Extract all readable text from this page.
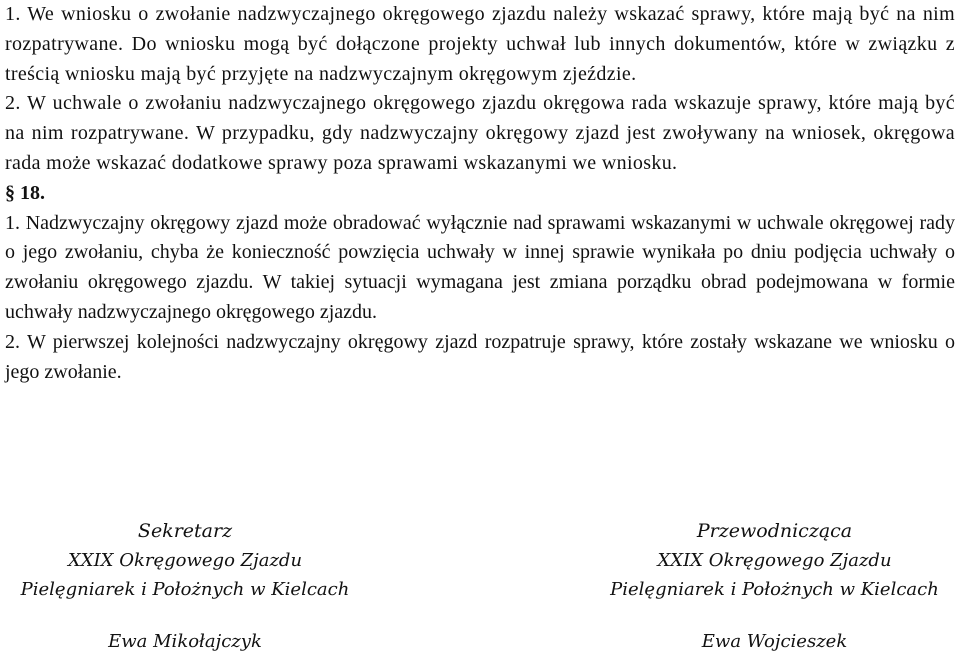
1. We wniosku o zwołanie nadzwyczajnego okręgowego zjazdu należy wskazać sprawy, które mają być na nim rozpatrywane. Do wniosku mogą być dołączone projekty uchwał lub innych dokumentów, które w związku z treścią wniosku mają być przyjęte na nadzwyczajnym okręgowym zjeździe.

2. W uchwale o zwołaniu nadzwyczajnego okręgowego zjazdu okręgowa rada wskazuje sprawy, które mają być na nim rozpatrywane. W przypadku, gdy nadzwyczajny okręgowy zjazd jest zwoływany na wniosek, okręgowa rada może wskazać dodatkowe sprawy poza sprawami wskazanymi we wniosku.

§ 18.

1. Nadzwyczajny okręgowy zjazd może obradować wyłącznie nad sprawami wskazanymi w uchwale okręgowej rady o jego zwołaniu, chyba że konieczność powzięcia uchwały w innej sprawie wynikała po dniu podjęcia uchwały o zwołaniu okręgowego zjazdu. W takiej sytuacji wymagana jest zmiana porządku obrad podejmowana w formie uchwały nadzwyczajnego okręgowego zjazdu.

2. W pierwszej kolejności nadzwyczajny okręgowy zjazd rozpatruje sprawy, które zostały wskazane we wniosku o jego zwołanie.

Sekretarz
XXIX Okręgowego Zjazdu
Pielęgniarek i Położnych w Kielcach
Ewa Mikołajczyk
Przewodnicząca
XXIX Okręgowego Zjazdu
Pielęgniarek i Położnych w Kielcach
Ewa Wojcieszek
